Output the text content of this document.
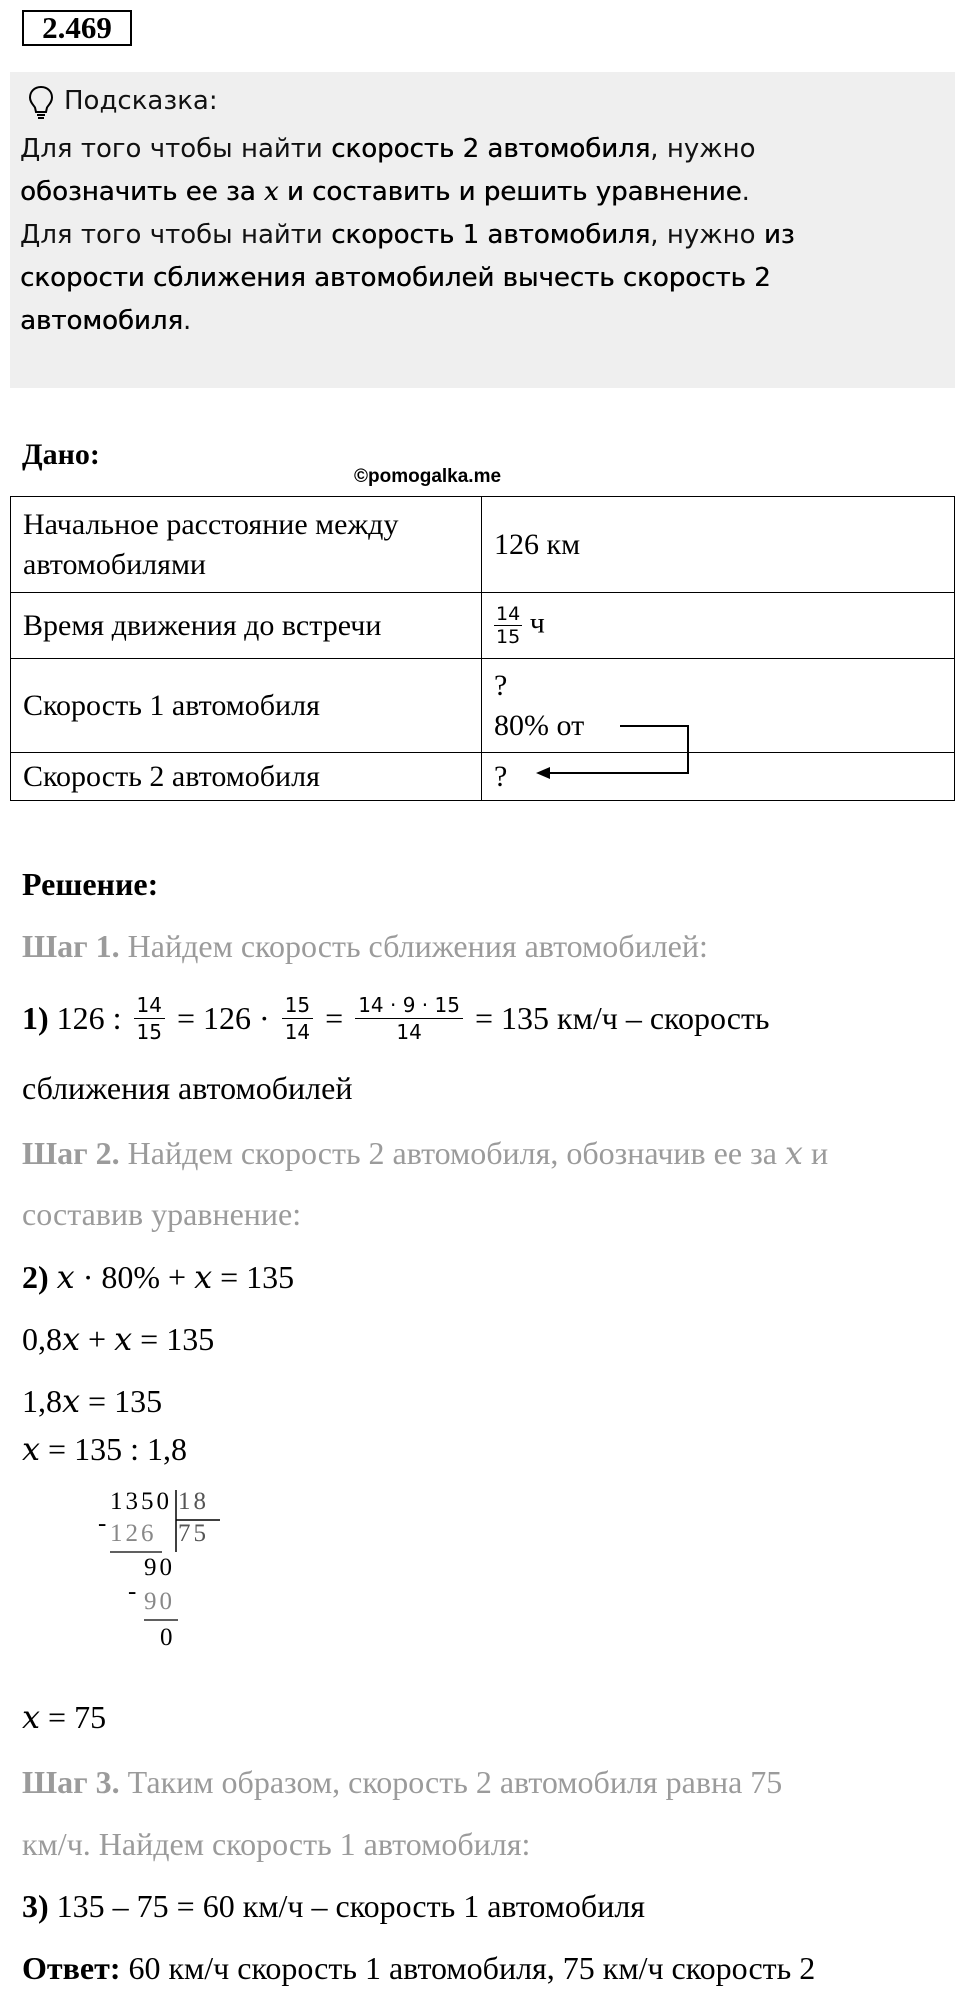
2.469
Подсказка:
Для того чтобы найти скорость 2 автомобиля, нужно
обозначить ее за x и составить и решить уравнение.
Для того чтобы найти скорость 1 автомобиля, нужно из
скорости сближения автомобилей вычесть скорость 2
автомобиля.
Дано:
©pomogalka.me
Начальное расстояние между автомобилями	126 км
Время движения до встречи	$\frac{14}{15}$ ч
Скорость 1 автомобиля	?
80% от

Скорость 2 автомобиля	?
Решение:
Шаг 1. Найдем скорость сближения автомобилей:
1) 126 : $\frac{14}{15} = 126 \cdot \frac{15}{14} = \frac{14 \cdot 9 \cdot 15}{14} = 135$ км/ч – скорость
сближения автомобилей
Шаг 2. Найдем скорость 2 автомобиля, обозначив ее за x и
составив уравнение:
2) x · 80% + x = 135
0,8x + x = 135
1,8x = 135
x = 135 : 1,8
1350 18
- 126 75
90
- 90
0
x = 75
Шаг 3. Таким образом, скорость 2 автомобиля равна 75
км/ч. Найдем скорость 1 автомобиля:
3) 135 – 75 = 60 км/ч – скорость 1 автомобиля
Ответ: 60 км/ч скорость 1 автомобиля, 75 км/ч скорость 2
